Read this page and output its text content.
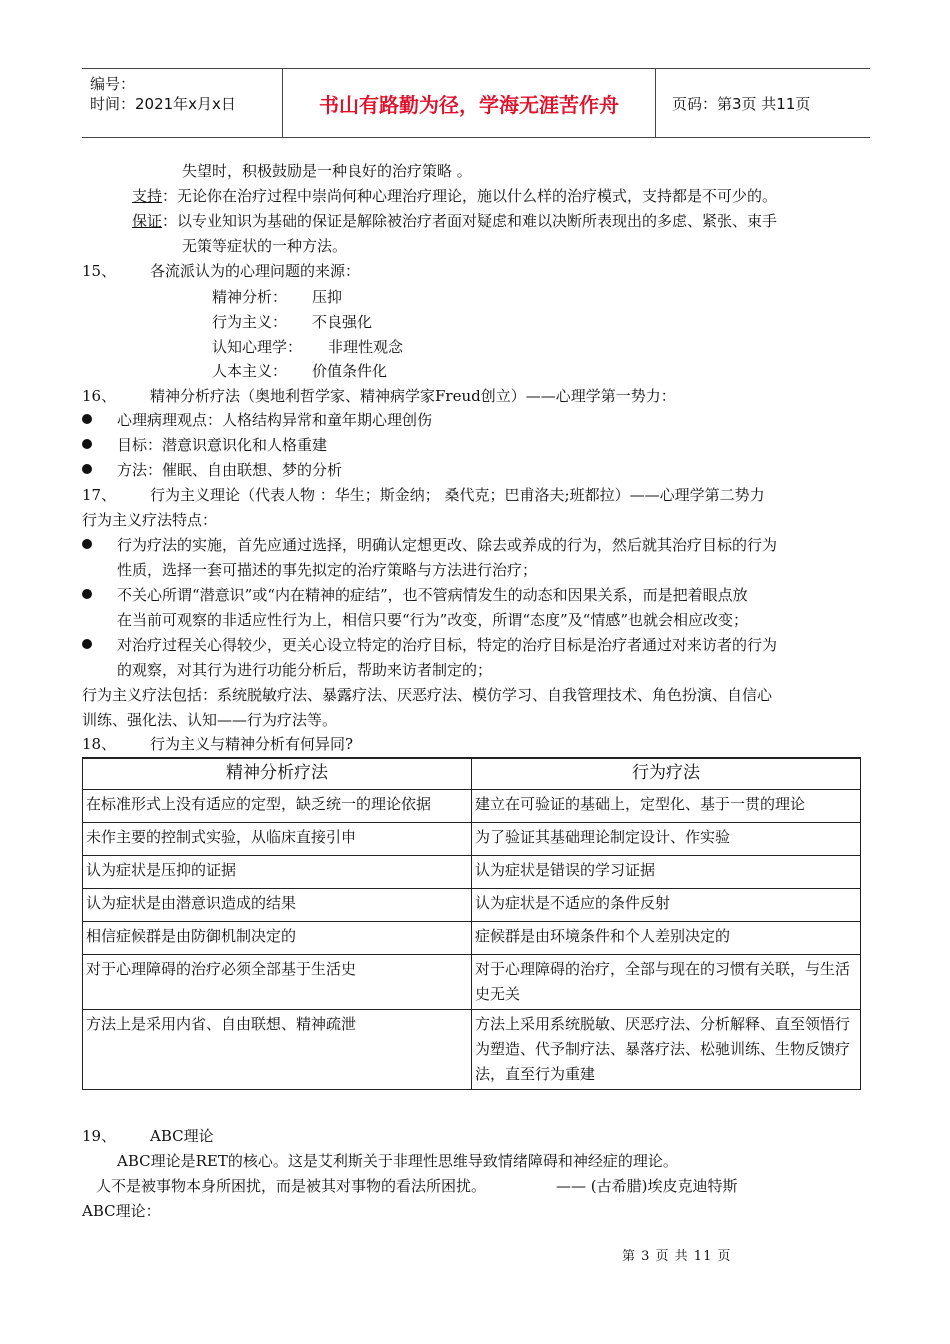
编号：
时间：2021年x月x日	书山有路勤为径，学海无涯苦作舟	页码：第3页 共11页
失望时，积极鼓励是一种良好的治疗策略 。
支持：无论你在治疗过程中崇尚何种心理治疗理论，施以什么样的治疗模式，支持都是不可少的。
保证：以专业知识为基础的保证是解除被治疗者面对疑虑和难以决断所表现出的多虑、紧张、束手
无策等症状的一种方法。
15、 各流派认为的心理问题的来源：
精神分析： 压抑
行为主义： 不良强化
认知心理学： 非理性观念
人本主义： 价值条件化
16、 精神分析疗法（奥地利哲学家、精神病学家Freud创立）——心理学第一势力：
心理病理观点：人格结构异常和童年期心理创伤
目标：潜意识意识化和人格重建
方法：催眠、自由联想、梦的分析
17、 行为主义理论（代表人物 ：华生；斯金纳； 桑代克；巴甫洛夫;班都拉）——心理学第二势力
行为主义疗法特点：
行为疗法的实施，首先应通过选择，明确认定想更改、除去或养成的行为，然后就其治疗目标的行为
性质，选择一套可描述的事先拟定的治疗策略与方法进行治疗；
不关心所谓“潜意识”或“内在精神的症结”，也不管病情发生的动态和因果关系，而是把着眼点放
在当前可观察的非适应性行为上，相信只要“行为”改变，所谓“态度”及“情感”也就会相应改变；
对治疗过程关心得较少，更关心设立特定的治疗目标，特定的治疗目标是治疗者通过对来访者的行为
的观察，对其行为进行功能分析后，帮助来访者制定的；
行为主义疗法包括：系统脱敏疗法、暴露疗法、厌恶疗法、模仿学习、自我管理技术、角色扮演、自信心
训练、强化法、认知——行为疗法等。
18、 行为主义与精神分析有何异同?
精神分析疗法	行为疗法
在标准形式上没有适应的定型，缺乏统一的理论依据	建立在可验证的基础上，定型化、基于一贯的理论
未作主要的控制式实验，从临床直接引申	为了验证其基础理论制定设计、作实验
认为症状是压抑的证据	认为症状是错误的学习证据
认为症状是由潜意识造成的结果	认为症状是不适应的条件反射
相信症候群是由防御机制决定的	症候群是由环境条件和个人差别决定的
对于心理障碍的治疗必须全部基于生活史	对于心理障碍的治疗，全部与现在的习惯有关联，与生活史无关
方法上是采用内省、自由联想、精神疏泄	方法上采用系统脱敏、厌恶疗法、分析解释、直至领悟行为塑造、代予制疗法、暴落疗法、松驰训练、生物反馈疗法，直至行为重建
19、 ABC理论
ABC理论是RET的核心。这是艾利斯关于非理性思维导致情绪障碍和神经症的理论。
人不是被事物本身所困扰，而是被其对事物的看法所困扰。	—— (古希腊)埃皮克迪特斯
ABC理论：
第 3 页 共 11 页
